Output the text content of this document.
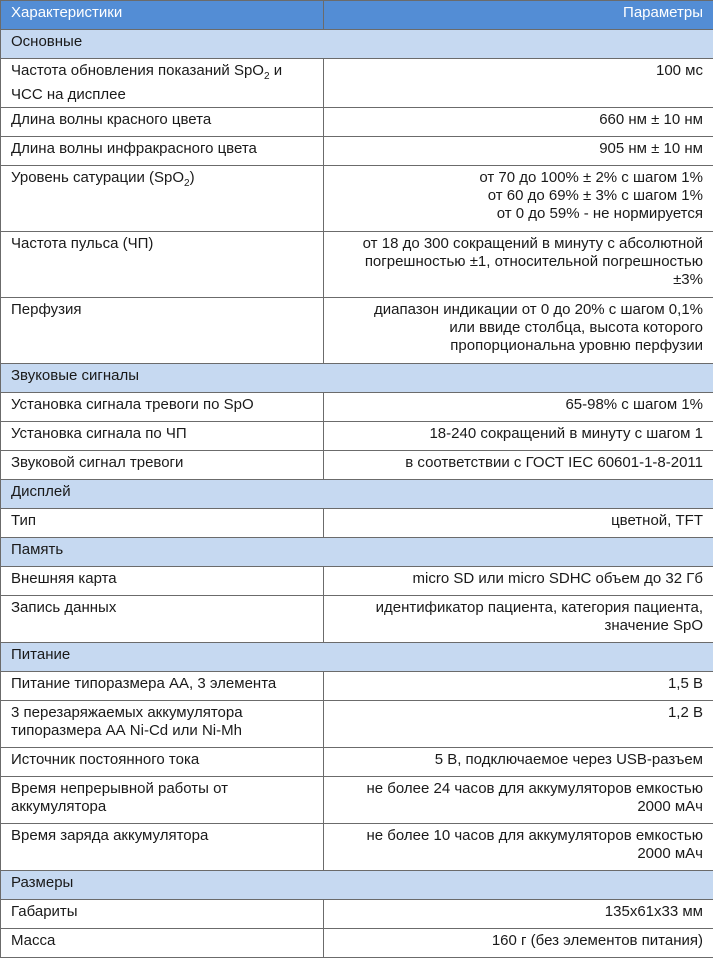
Характеристики	Параметры
Основные	
Частота обновления показаний SpO$_2$ и
ЧСС на дисплее	100 мс
Длина волны красного цвета	660 нм ± 10 нм
Длина волны инфракрасного цвета	905 нм ± 10 нм
Уровень сатурации (SpO$_2$)	от 70 до 100% ± 2% с шагом 1%
от 60 до 69% ± 3% с шагом 1%
от 0 до 59% - не нормируется
Частота пульса (ЧП)	от 18 до 300 сокращений в минуту с абсолютной
погрешностью ±1, относительной погрешностью
±3%
Перфузия	диапазон индикации от 0 до 20% с шагом 0,1%
или ввиде столбца, высота которого
пропорциональна уровню перфузии
Звуковые сигналы	
Установка сигнала тревоги по SpO	65-98% с шагом 1%
Установка сигнала по ЧП	18-240 сокращений в минуту с шагом 1
Звуковой сигнал тревоги	в соответствии с ГОСТ IEC 60601-1-8-2011
Дисплей	
Тип	цветной, TFT
Память	
Внешняя карта	micro SD или micro SDHC объем до 32 Гб
Запись данных	идентификатор пациента, категория пациента,
значение SpO
Питание	
Питание типоразмера АА, 3 элемента	1,5 В
3 перезаряжаемых аккумулятора
типоразмера АА Ni-Cd или Ni-Mh	1,2 В
Источник постоянного тока	5 В, подключаемое через USB-разъем
Время непрерывной работы от
аккумулятора	не более 24 часов для аккумуляторов емкостью
2000 мАч
Время заряда аккумулятора	не более 10 часов для аккумуляторов емкостью
2000 мАч
Размеры	
Габариты	135х61х33 мм
Масса	160 г (без элементов питания)
